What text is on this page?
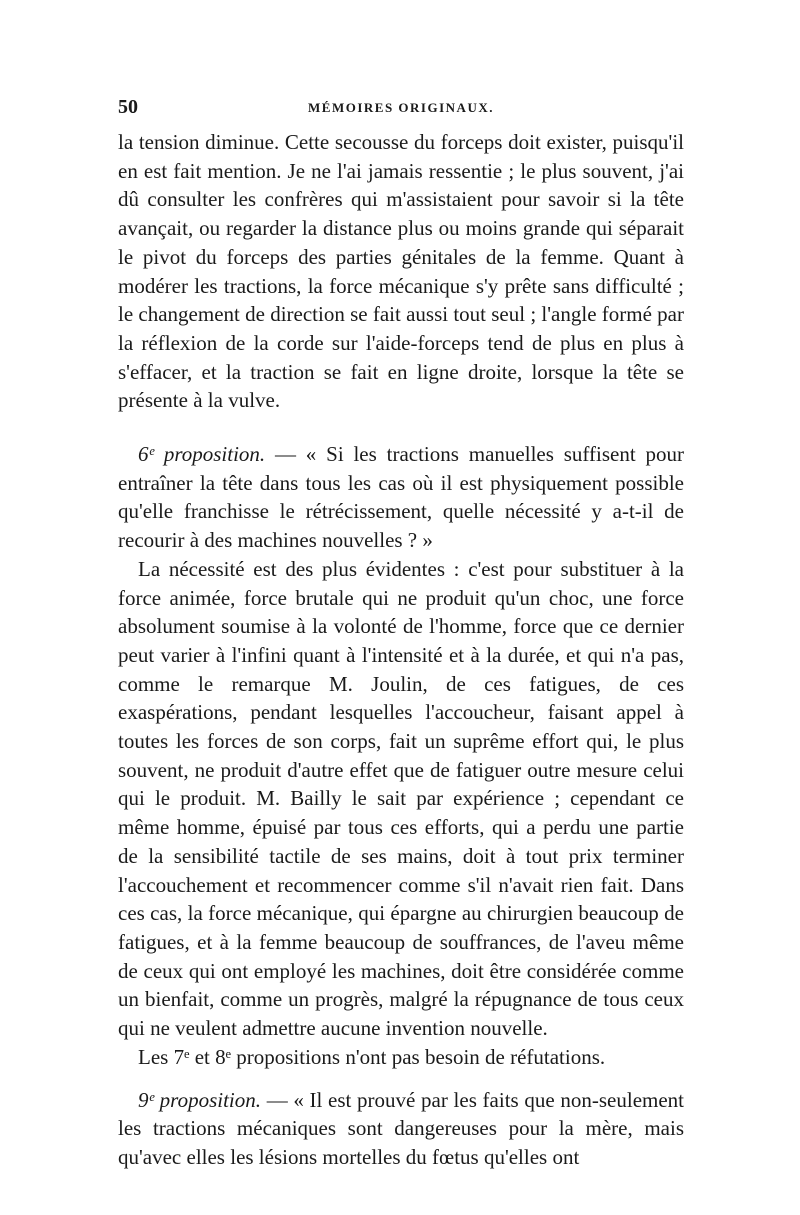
50	MÉMOIRES ORIGINAUX.

la tension diminue. Cette secousse du forceps doit exister, puisqu'il en est fait mention. Je ne l'ai jamais ressentie ; le plus souvent, j'ai dû consulter les confrères qui m'assistaient pour savoir si la tête avançait, ou regarder la distance plus ou moins grande qui séparait le pivot du forceps des parties génitales de la femme. Quant à modérer les tractions, la force mécanique s'y prête sans difficulté ; le changement de direction se fait aussi tout seul ; l'angle formé par la réflexion de la corde sur l'aide-forceps tend de plus en plus à s'effacer, et la traction se fait en ligne droite, lorsque la tête se présente à la vulve.

6ᵉ proposition. — « Si les tractions manuelles suffisent pour entraîner la tête dans tous les cas où il est physiquement possible qu'elle franchisse le rétrécissement, quelle nécessité y a-t-il de recourir à des machines nouvelles ? »

La nécessité est des plus évidentes : c'est pour substituer à la force animée, force brutale qui ne produit qu'un choc, une force absolument soumise à la volonté de l'homme, force que ce dernier peut varier à l'infini quant à l'intensité et à la durée, et qui n'a pas, comme le remarque M. Joulin, de ces fatigues, de ces exaspérations, pendant lesquelles l'accoucheur, faisant appel à toutes les forces de son corps, fait un suprême effort qui, le plus souvent, ne produit d'autre effet que de fatiguer outre mesure celui qui le produit. M. Bailly le sait par expérience ; cependant ce même homme, épuisé par tous ces efforts, qui a perdu une partie de la sensibilité tactile de ses mains, doit à tout prix terminer l'accouchement et recommencer comme s'il n'avait rien fait. Dans ces cas, la force mécanique, qui épargne au chirurgien beaucoup de fatigues, et à la femme beaucoup de souffrances, de l'aveu même de ceux qui ont employé les machines, doit être considérée comme un bienfait, comme un progrès, malgré la répugnance de tous ceux qui ne veulent admettre aucune invention nouvelle.

Les 7ᵉ et 8ᵉ propositions n'ont pas besoin de réfutations.

9ᵉ proposition. — « Il est prouvé par les faits que non-seulement les tractions mécaniques sont dangereuses pour la mère, mais qu'avec elles les lésions mortelles du fœtus qu'elles ont
